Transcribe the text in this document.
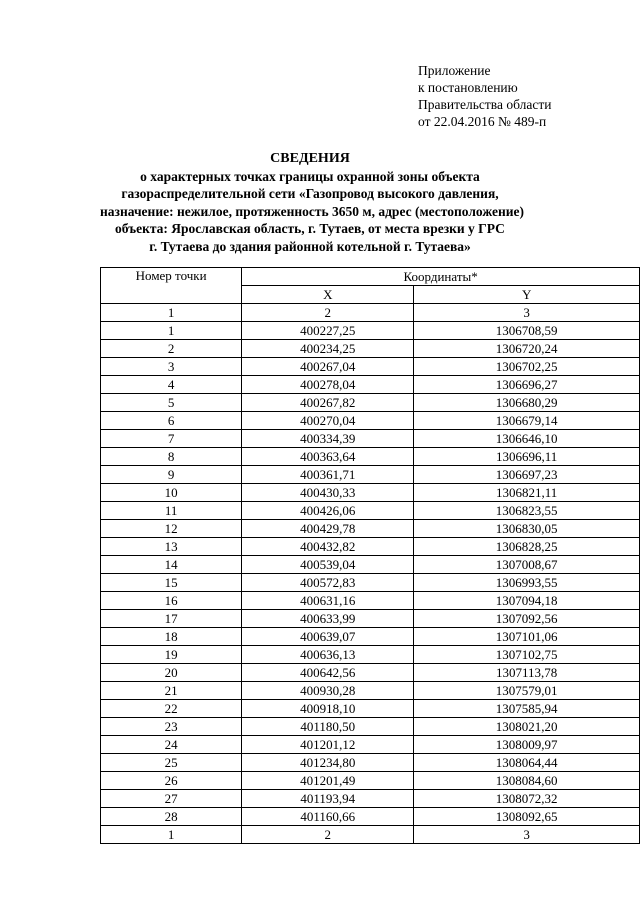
Приложение
к постановлению
Правительства области
от 22.04.2016 № 489-п
СВЕДЕНИЯ
о характерных точках границы охранной зоны объекта
газораспределительной сети «Газопровод высокого давления,
назначение: нежилое, протяженность 3650 м, адрес (местоположение)
объекта: Ярославская область, г. Тутаев, от места врезки у ГРС
г. Тутаева до здания районной котельной г. Тутаева»
Номер точки	Координаты*	
	X	Y
1	2	3
1	400227,25	1306708,59
2	400234,25	1306720,24
3	400267,04	1306702,25
4	400278,04	1306696,27
5	400267,82	1306680,29
6	400270,04	1306679,14
7	400334,39	1306646,10
8	400363,64	1306696,11
9	400361,71	1306697,23
10	400430,33	1306821,11
11	400426,06	1306823,55
12	400429,78	1306830,05
13	400432,82	1306828,25
14	400539,04	1307008,67
15	400572,83	1306993,55
16	400631,16	1307094,18
17	400633,99	1307092,56
18	400639,07	1307101,06
19	400636,13	1307102,75
20	400642,56	1307113,78
21	400930,28	1307579,01
22	400918,10	1307585,94
23	401180,50	1308021,20
24	401201,12	1308009,97
25	401234,80	1308064,44
26	401201,49	1308084,60
27	401193,94	1308072,32
28	401160,66	1308092,65
1	2	3
